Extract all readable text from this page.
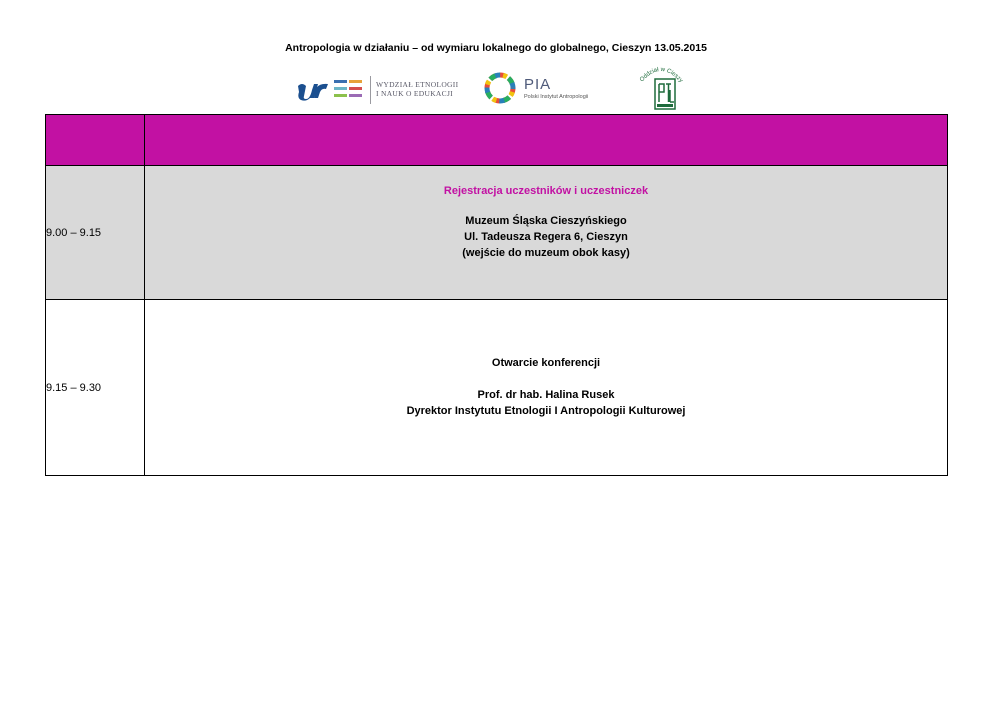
Antropologia w działaniu – od wymiaru lokalnego do globalnego, Cieszyn 13.05.2015
WYDZIAŁ ETNOLOGII
I NAUK O EDUKACJI
PIA
Polski Instytut Antropologii
Oddział w Cieszy

9.00 – 9.15	Rejestracja uczestników i uczestniczek
Muzeum Śląska Cieszyńskiego
Ul. Tadeusza Regera 6, Cieszyn
(wejście do muzeum obok kasy)

9.15 – 9.30	Otwarcie konferencji
Prof. dr hab. Halina Rusek
Dyrektor Instytutu Etnologii I Antropologii Kulturowej
